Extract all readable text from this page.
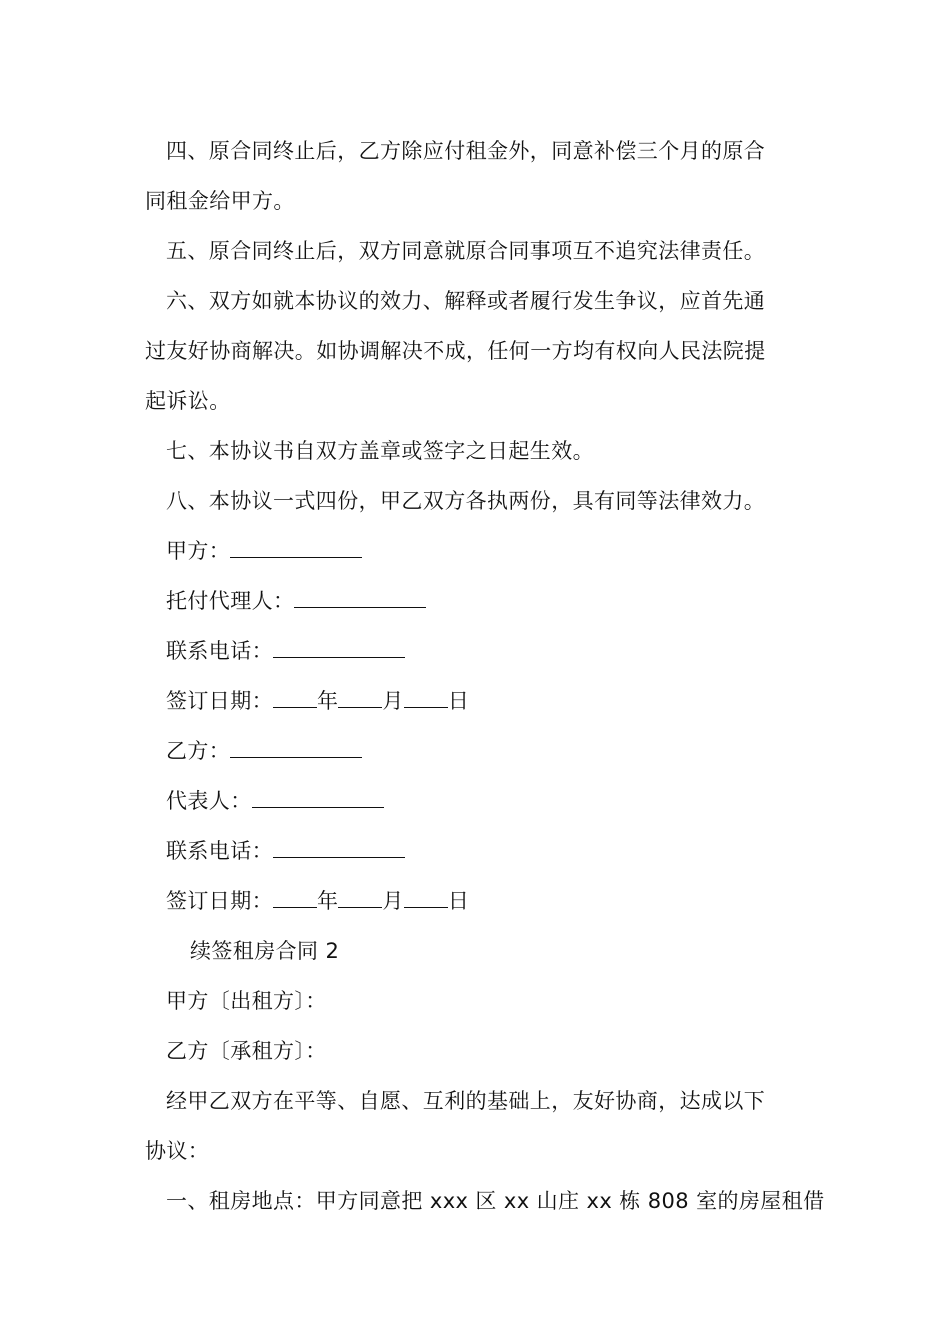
四、原合同终止后，乙方除应付租金外，同意补偿三个月的原合
同租金给甲方。
五、原合同终止后，双方同意就原合同事项互不追究法律责任。
六、双方如就本协议的效力、解释或者履行发生争议，应首先通
过友好协商解决。如协调解决不成，任何一方均有权向人民法院提
起诉讼。
七、本协议书自双方盖章或签字之日起生效。
八、本协议一式四份，甲乙双方各执两份，具有同等法律效力。
甲方：
托付代理人：
联系电话：
签订日期： 年 月 日
乙方：
代表人：
联系电话：
签订日期： 年 月 日
续签租房合同 2
甲方〔出租方〕：
乙方〔承租方〕：
经甲乙双方在平等、自愿、互利的基础上，友好协商，达成以下
协议：
一、租房地点：甲方同意把 xxx 区 xx 山庄 xx 栋 808 室的房屋租借
